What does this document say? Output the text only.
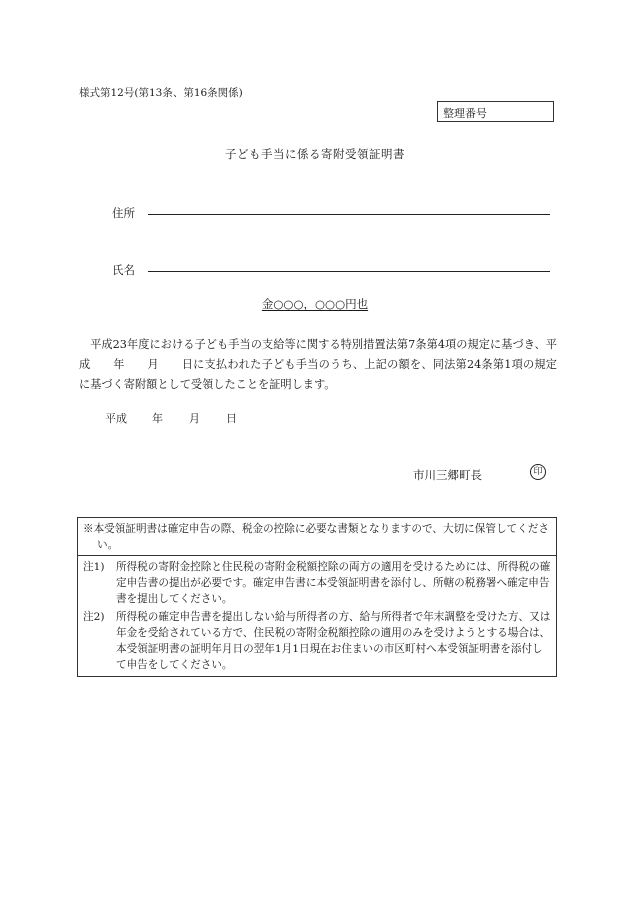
様式第12号(第13条、第16条関係)
整理番号
子ども手当に係る寄附受領証明書
住所
氏名
金○○○，○○○円也
平成23年度における子ども手当の支給等に関する特別措置法第7条第4項の規定に基づき、平成　　年　　月　　日に支払われた子ども手当のうち、上記の額を、同法第24条第1項の規定に基づく寄附額として受領したことを証明します。
平成 年 月 日
市川三郷町長	印
※本受領証明書は確定申告の際、税金の控除に必要な書類となりますので、大切に保管してください。
注1)	所得税の寄附金控除と住民税の寄附金税額控除の両方の適用を受けるためには、所得税の確定申告書の提出が必要です。確定申告書に本受領証明書を添付し、所轄の税務署へ確定申告書を提出してください。
注2)	所得税の確定申告書を提出しない給与所得者の方、給与所得者で年末調整を受けた方、又は年金を受給されている方で、住民税の寄附金税額控除の適用のみを受けようとする場合は、本受領証明書の証明年月日の翌年1月1日現在お住まいの市区町村へ本受領証明書を添付して申告をしてください。
